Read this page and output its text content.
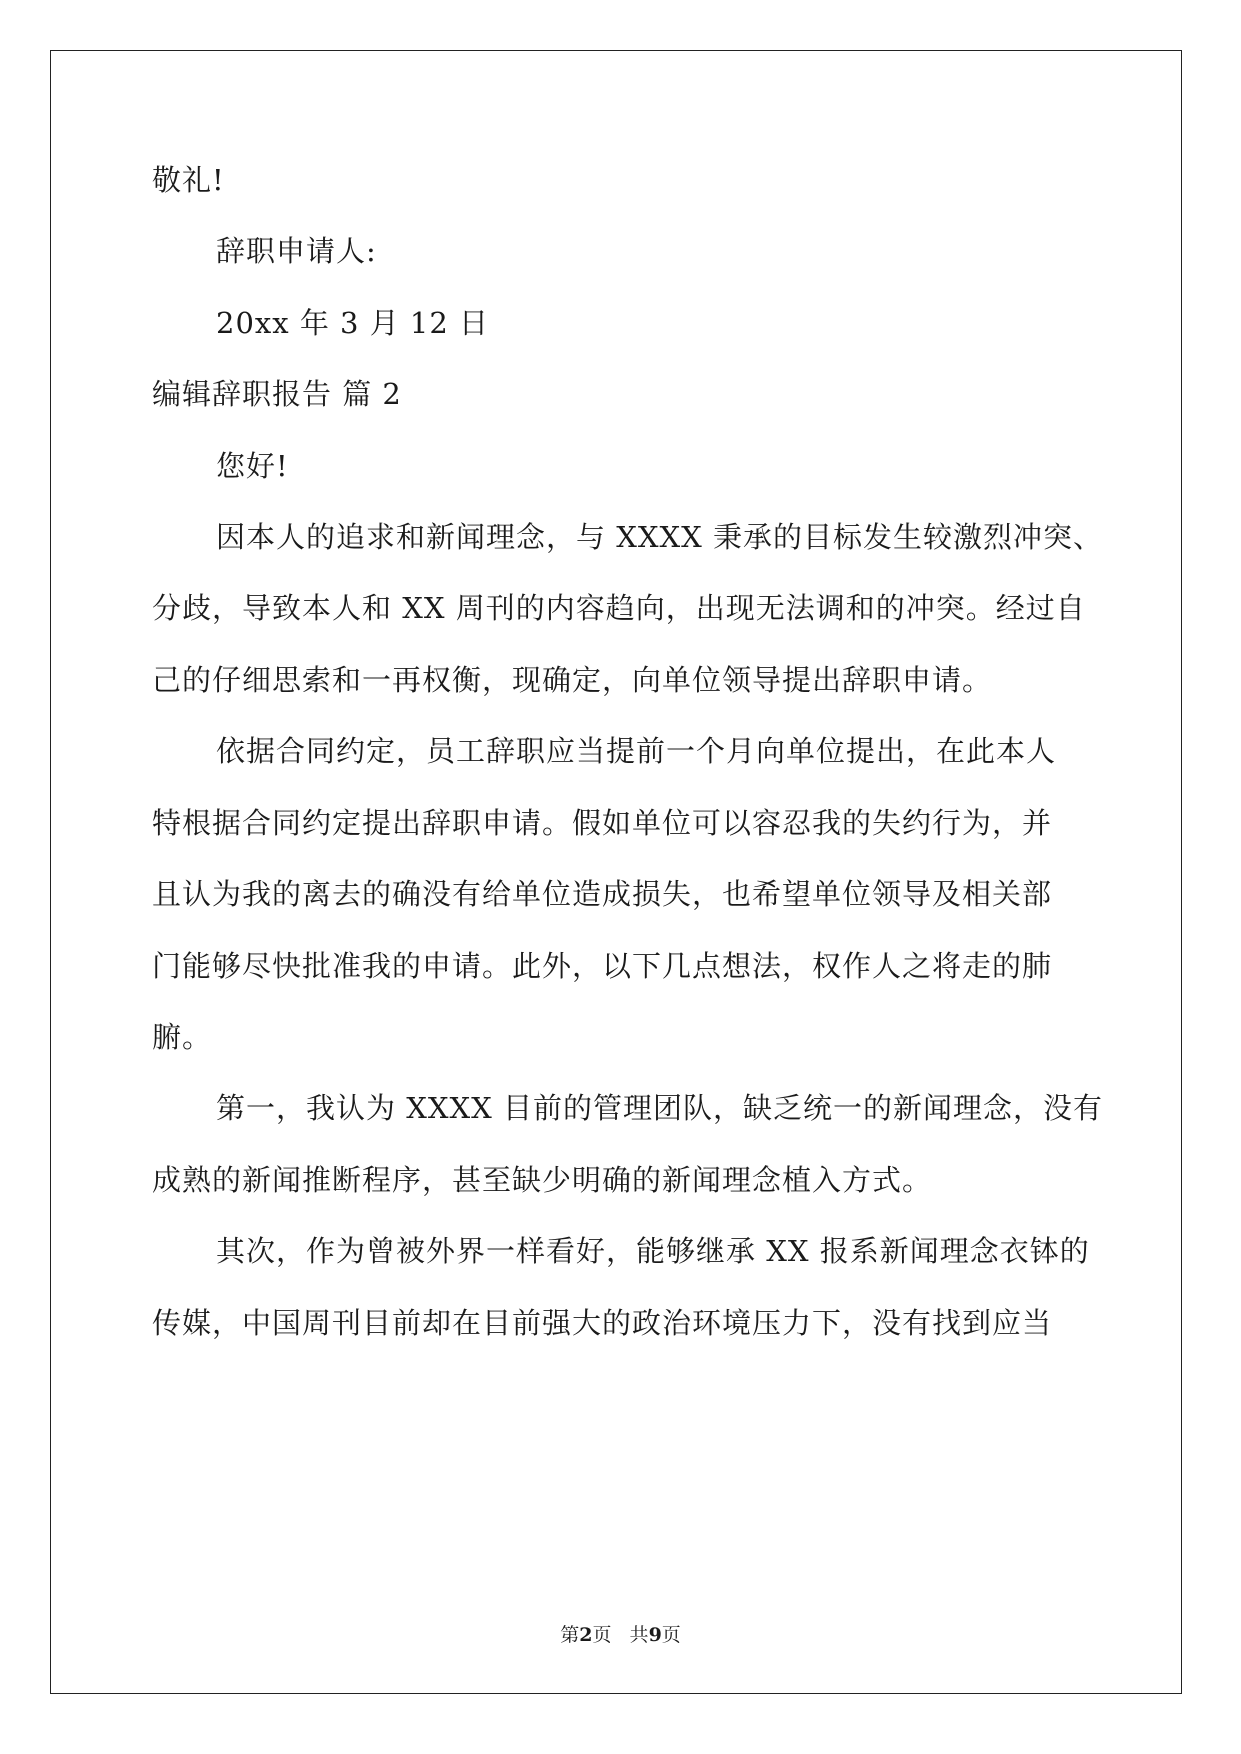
敬礼!
辞职申请人:
20xx 年 3 月 12 日
编辑辞职报告 篇 2
您好!
因本人的追求和新闻理念，与 XXXX 秉承的目标发生较激烈冲突、
分歧，导致本人和 XX 周刊的内容趋向，出现无法调和的冲突。经过自
己的仔细思索和一再权衡，现确定，向单位领导提出辞职申请。
依据合同约定，员工辞职应当提前一个月向单位提出，在此本人
特根据合同约定提出辞职申请。假如单位可以容忍我的失约行为，并
且认为我的离去的确没有给单位造成损失，也希望单位领导及相关部
门能够尽快批准我的申请。此外，以下几点想法，权作人之将走的肺
腑。
第一，我认为 XXXX 目前的管理团队，缺乏统一的新闻理念，没有
成熟的新闻推断程序，甚至缺少明确的新闻理念植入方式。
其次，作为曾被外界一样看好，能够继承 XX 报系新闻理念衣钵的
传媒，中国周刊目前却在目前强大的政治环境压力下，没有找到应当
第2页   共9页
